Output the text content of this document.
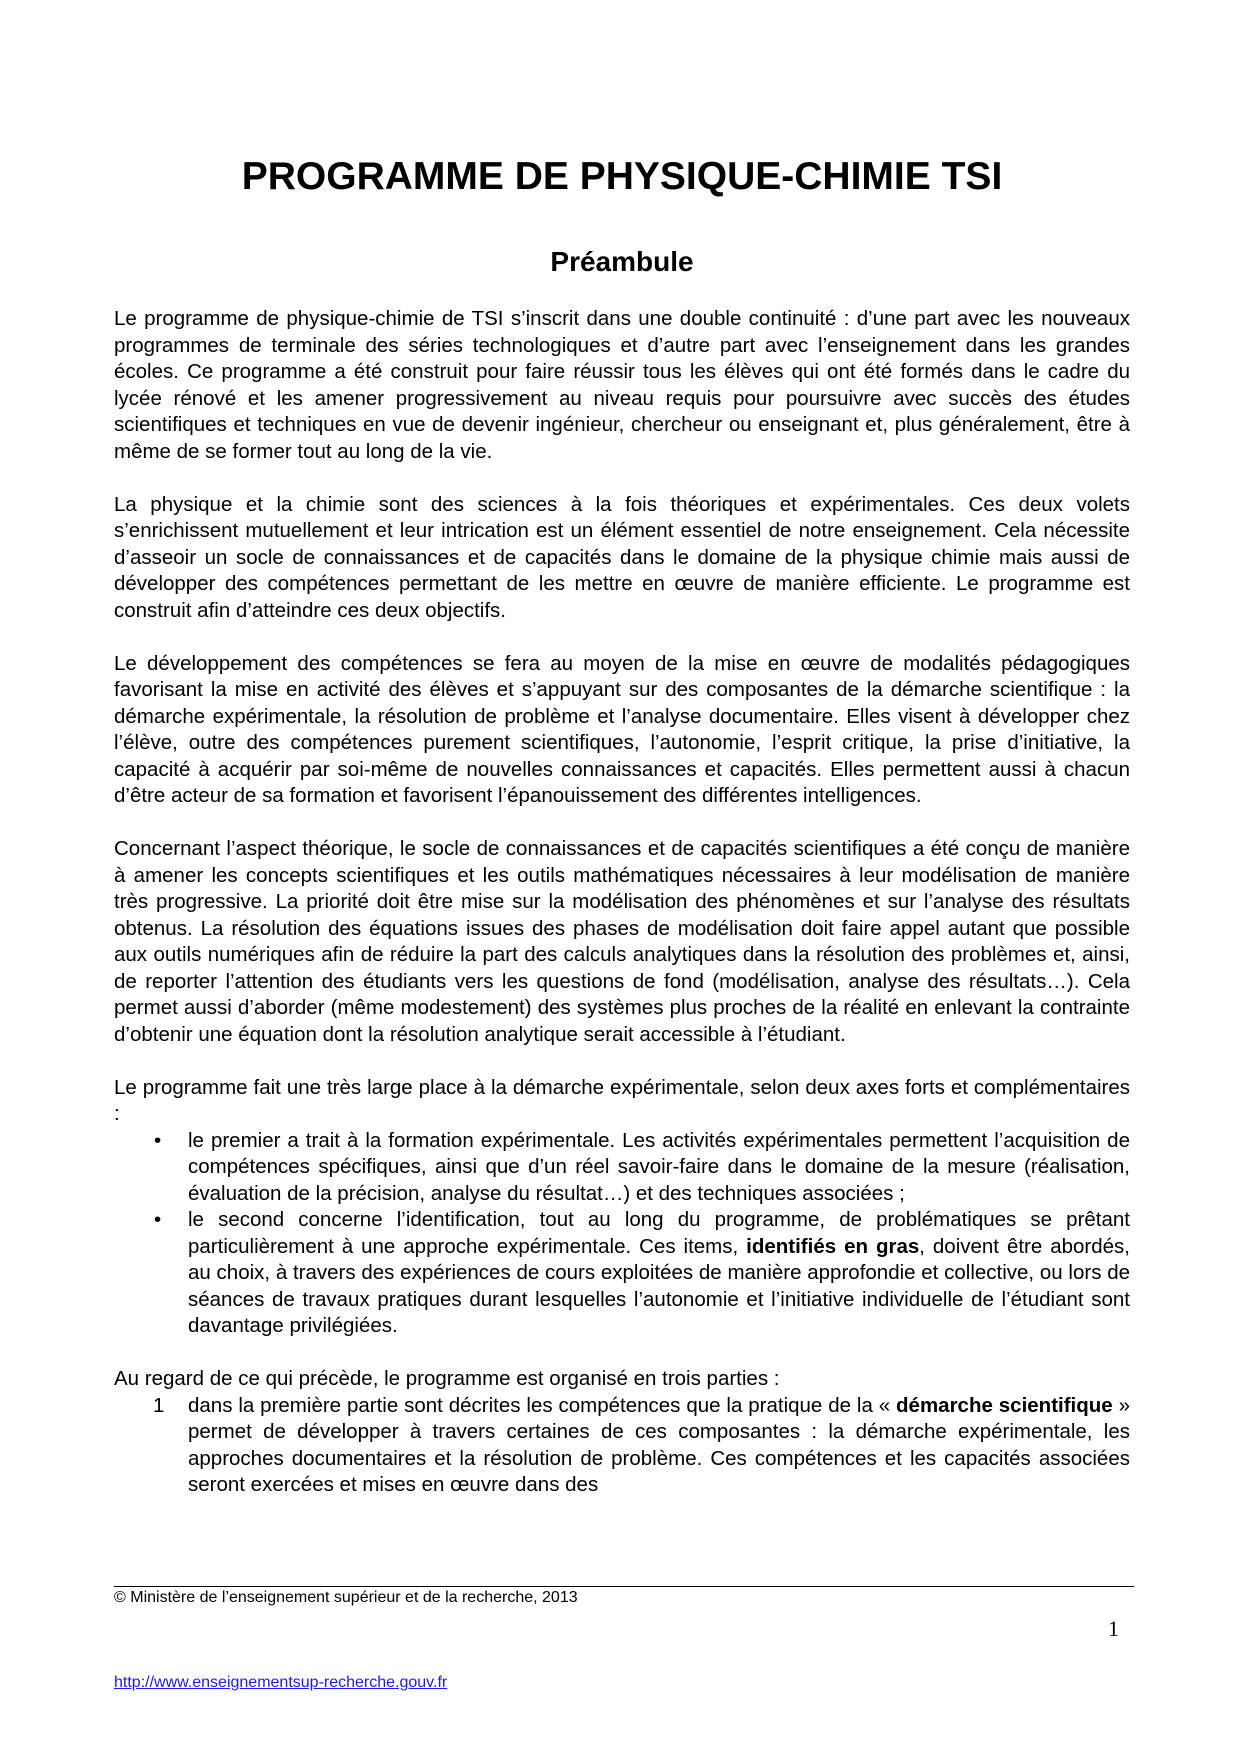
PROGRAMME DE PHYSIQUE-CHIMIE TSI
Préambule

Le programme de physique-chimie de TSI s’inscrit dans une double continuité : d’une part avec les nouveaux programmes de terminale des séries technologiques et d’autre part avec l’enseignement dans les grandes écoles. Ce programme a été construit pour faire réussir tous les élèves qui ont été formés dans le cadre du lycée rénové et les amener progressivement au niveau requis pour poursuivre avec succès des études scientifiques et techniques en vue de devenir ingénieur, chercheur ou enseignant et, plus généralement, être à même de se former tout au long de la vie.

La physique et la chimie sont des sciences à la fois théoriques et expérimentales. Ces deux volets s’enrichissent mutuellement et leur intrication est un élément essentiel de notre enseignement. Cela nécessite d’asseoir un socle de connaissances et de capacités dans le domaine de la physique chimie mais aussi de développer des compétences permettant de les mettre en œuvre de manière efficiente. Le programme est construit afin d’atteindre ces deux objectifs.

Le développement des compétences se fera au moyen de la mise en œuvre de modalités pédagogiques favorisant la mise en activité des élèves et s’appuyant sur des composantes de la démarche scientifique : la démarche expérimentale, la résolution de problème et l’analyse documentaire. Elles visent à développer chez l’élève, outre des compétences purement scientifiques, l’autonomie, l’esprit critique, la prise d’initiative, la capacité à acquérir par soi-même de nouvelles connaissances et capacités. Elles permettent aussi à chacun d’être acteur de sa formation et favorisent l’épanouissement des différentes intelligences.

Concernant l’aspect théorique, le socle de connaissances et de capacités scientifiques a été conçu de manière à amener les concepts scientifiques et les outils mathématiques nécessaires à leur modélisation de manière très progressive. La priorité doit être mise sur la modélisation des phénomènes et sur l’analyse des résultats obtenus. La résolution des équations issues des phases de modélisation doit faire appel autant que possible aux outils numériques afin de réduire la part des calculs analytiques dans la résolution des problèmes et, ainsi, de reporter l’attention des étudiants vers les questions de fond (modélisation, analyse des résultats…). Cela permet aussi d’aborder (même modestement) des systèmes plus proches de la réalité en enlevant la contrainte d’obtenir une équation dont la résolution analytique serait accessible à l’étudiant.

Le programme fait une très large place à la démarche expérimentale, selon deux axes forts et complémentaires :

• le premier a trait à la formation expérimentale. Les activités expérimentales permettent l’acquisition de compétences spécifiques, ainsi que d’un réel savoir-faire dans le domaine de la mesure (réalisation, évaluation de la précision, analyse du résultat…) et des techniques associées ;
• le second concerne l’identification, tout au long du programme, de problématiques se prêtant particulièrement à une approche expérimentale. Ces items, identifiés en gras, doivent être abordés, au choix, à travers des expériences de cours exploitées de manière approfondie et collective, ou lors de séances de travaux pratiques durant lesquelles l’autonomie et l’initiative individuelle de l’étudiant sont davantage privilégiées.

Au regard de ce qui précède, le programme est organisé en trois parties :

1 dans la première partie sont décrites les compétences que la pratique de la « démarche scientifique » permet de développer à travers certaines de ces composantes : la démarche expérimentale, les approches documentaires et la résolution de problème. Ces compétences et les capacités associées seront exercées et mises en œuvre dans des
© Ministère de l’enseignement supérieur et de la recherche, 2013
1
http://www.enseignementsup-recherche.gouv.fr
